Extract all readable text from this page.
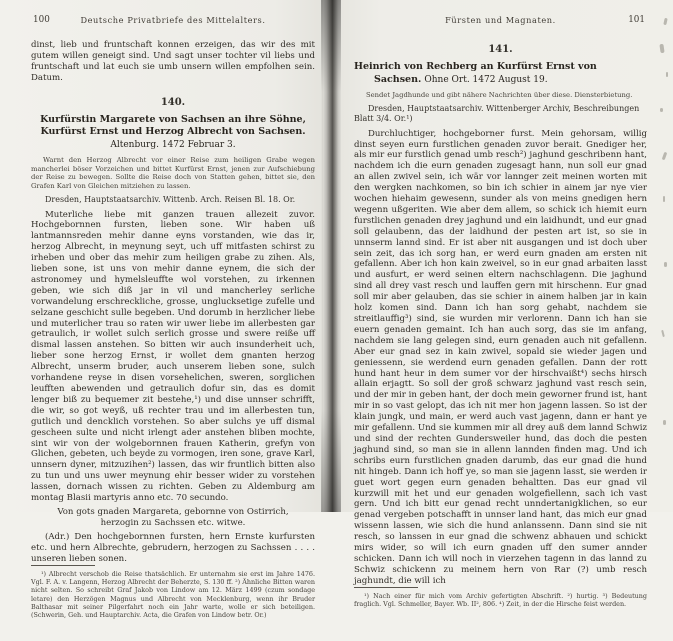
100	Deutsche Privatbriefe des Mittelalters.

dinst, lieb und fruntschaft konnen erzeigen, das wir des mit gutem willen geneigt sind. Und sagt unser tochter vil liebs und fruntschaft und lat euch sie umb unsern willen empfolhen sein. Datum.

140.
Kurfürstin Margarete von Sachsen an ihre Söhne, Kurfürst Ernst und Herzog Albrecht von Sachsen. Altenburg. 1472 Februar 3.

Warnt den Herzog Albrecht vor einer Reise zum heiligen Grabe wegen mancherlei böser Vorzeichen und bittet Kurfürst Ernst, jenen zur Aufschiebung der Reise zu bewegen. Sollte die Reise doch von Statten gehen, bittet sie, den Grafen Karl von Gleichen mitziehen zu lassen.

Dresden, Hauptstaatsarchiv. Wittenb. Arch. Reisen Bl. 18. Or.

Muterliche liebe mit ganzen trauen allezeit zuvor. Hochgebornnen fursten, lieben sone. Wir haben uß lantmannsreden mehir danne eyns vorstanden, wie das ir, herzog Albrecht, in meynung seyt, uch uff mitfasten schirst zu irheben und ober das mehir zum heiligen grabe zu zihen. Als, lieben sone, ist uns von mehir danne eynem, die sich der astronomey und hymelsleuffte wol vorstehen, zu irkennen geben, wie sich diß jar in vil und mancherley serliche vorwandelung erschreckliche, grosse, unglucksetige zufelle und selzane geschicht sulle begeben. Und dorumb in herzlicher liebe und muterlicher trau so raten wir uwer liebe im allerbesten gar getraulich, ir wollet sulch serlich grosse und swere reiße uff dismal lassen anstehen. So bitten wir auch insunderheit uch, lieber sone herzog Ernst, ir wollet dem gnanten herzog Albrecht, unserm bruder, auch unserem lieben sone, sulch vorhandene reyse in disen vorsehelichen, sweren, sorglichen leufften abewenden und getraulich dofur sin, das es domit lenger biß zu bequemer zit bestehe,¹) und dise unnser schrifft, die wir, so got weyß, uß rechter trau und im allerbesten tun, gutlich und dencklich vorstehen. So aber sulchs ye uff dismal gescheen sulte und nicht irlengt ader anstehen bliben mochte, sint wir von der wolgebornnen frauen Katherin, grefyn von Glichen, gebeten, uch beyde zu vormogen, iren sone, grave Karl, unnsern dyner, mitzuzihen²) lassen, das wir fruntlich bitten also zu tun und uns uwer meynung ehir besser wider zu vorstehen lassen, dornach wissen zu richten. Geben zu Aldemburg am montag Blasii martyris anno etc. 70 secundo.

Von gots gnaden Margareta, gebornne von Ostirrich,
herzogin zu Sachssen etc. witwe.

(Adr.) Den hochgebornnen fursten, hern Ernste kurfursten etc. und hern Albrechte, gebrudern, herzogen zu Sachssen . . . . unseren lieben sonen.

¹) Albrecht verschob die Reise thatsächlich. Er unternahm sie erst im Jahre 1476. Vgl. F. A. v. Langenn, Herzog Albrecht der Beherzte, S. 130 ff. ²) Ähnliche Bitten waren nicht selten. So schreibt Graf Jakob von Lindow am 12. März 1499 (czum sondage letare) den Herzögen Magnus und Albrecht von Mecklenburg, wenn ihr Bruder Balthasar mit seiner Pilgerfahrt noch ein Jahr warte, wolle er sich beteiligen. (Schwerin, Geh. und Hauptarchiv. Acta, die Grafen von Lindow betr. Or.)

Fürsten und Magnaten.	101
141.
Heinrich von Rechberg an Kurfürst Ernst von Sachsen. Ohne Ort. 1472 August 19.

Sendet Jagdhunde und gibt nähere Nachrichten über diese. Diensterbietung.

Dresden, Hauptstaatsarchiv. Wittenberger Archiv, Beschreibungen Blatt 3/4. Or.¹)

Durchluchtiger, hochgeborner furst. Mein gehorsam, willig dinst seyen eurn furstlichen genaden zuvor berait. Gnediger her, als mir eur furstlich genad umb resch²) jaghund geschribenn hant, nachdem ich die eurn genaden zugesagt hann, nun soll eur gnad an allen zwivel sein, ich wär vor lannger zeit meinen worten mit den wergken nachkomen, so bin ich schier in ainem jar nye vier wochen hiehaim gewesenn, sunder als von meins gnedigen hern wegenn ußgeriten. Wie aber dem allem, so schick ich hiemit eurn furstlichen genaden drey jaghund und ein laidhundt, und eur gnad soll gelaubenn, das der laidhund der pesten art ist, so sie in unnserm lannd sind. Er ist aber nit ausgangen und ist doch uber sein zeit, das ich sorg han, er werd eurn gnaden am ersten nit gefallenn. Aber ich hon kain zweivel, so in eur gnad arbaiten lasst und ausfurt, er werd seinen eltern nachschlagenn. Die jaghund sind all drey vast resch und lauffen gern mit hirschenn. Eur gnad soll mir aber gelauben, das sie schier in ainem halben jar in kain holz komen sind. Dann ich han sorg gehabt, nachdem sie streitlauffig³) sind, sie wurden mir verlorenn. Dann ich han sie euern genaden gemaint. Ich han auch sorg, das sie im anfang, nachdem sie lang gelegen sind, eurn genaden auch nit gefallenn. Aber eur gnad sez in kain zwivel, sopald sie wieder jagen und geniessenn, sie werdend eurn genaden gefallen. Dann der rott hund hant heur in dem sumer vor der hirschvaißt⁴) sechs hirsch allain erjagtt. So soll der groß schwarz jaghund vast resch sein, und der mir in geben hant, der doch mein geworner frund ist, hant mir in so vast gelopt, das ich nit mer hon jagenn lassen. So ist der klain jungk, und main, er werd auch vast jagenn, dann er hant ye mir gefallenn. Und sie kummen mir all drey auß dem lannd Schwiz und sind der rechten Gundersweiler hund, das doch die pesten jaghund sind, so man sie in allenn lannden finden mag. Und ich schribs eurn furstlichen gnaden darumb, das eur gnad die hund nit hingeb. Dann ich hoff ye, so man sie jagenn lasst, sie werden ir guet wort gegen eurn genaden behaltten. Das eur gnad vil kurzwill mit het und eur genaden wolgefiellenn, sach ich vast gern. Und ich bitt eur genad recht unndertanigklichen, so eur genad vergeben potschafft in unnser land hant, das mich eur gnad wissenn lassen, wie sich die hund anlanssenn. Dann sind sie nit resch, so lanssen in eur gnad die schwenz abhauen und schickt mirs wider, so will ich eurn gnaden uff den sumer annder schicken. Dann ich will noch in vierzehen tagenn in das lannd zu Schwiz schickenn zu meinem hern von Rar (?) umb resch jaghundt, die will ich

¹) Nach einer für mich vom Archiv gefertigten Abschrift. ²) hurtig. ³) Bedeutung fraglich. Vgl. Schmeller, Bayer. Wb. II², 806. ⁴) Zeit, in der die Hirsche feist werden.
